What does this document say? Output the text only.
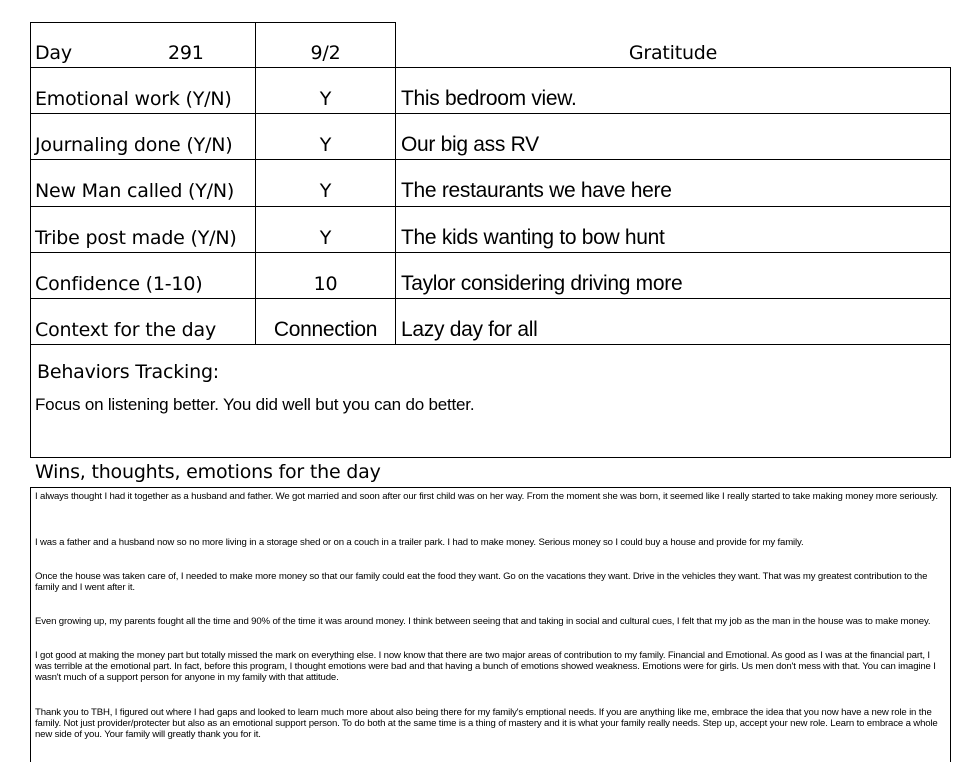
Day	291	9/2	Gratitude
Emotional work (Y/N)	Y	This bedroom view.
Journaling done (Y/N)	Y	Our big ass RV
New Man called (Y/N)	Y	The restaurants we have here
Tribe post made (Y/N)	Y	The kids wanting to bow hunt
Confidence (1-10)	10	Taylor considering driving more
Context for the day	Connection	Lazy day for all
Behaviors Tracking:
Focus on listening better. You did well but you can do better.
Wins, thoughts, emotions for the day
I always thought I had it together as a husband and father. We got married and soon after our first child was on her way. From the moment she was born, it seemed like I really started to take making money more seriously.
I was a father and a husband now so no more living in a storage shed or on a couch in a trailer park. I had to make money. Serious money so I could buy a house and provide for my family.
Once the house was taken care of, I needed to make more money so that our family could eat the food they want. Go on the vacations they want. Drive in the vehicles they want. That was my greatest contribution to the family and I went after it.
Even growing up, my parents fought all the time and 90% of the time it was around money. I think between seeing that and taking in social and cultural cues, I felt that my job as the man in the house was to make money.
I got good at making the money part but totally missed the mark on everything else. I now know that there are two major areas of contribution to my family. Financial and Emotional. As good as I was at the financial part, I was terrible at the emotional part. In fact, before this program, I thought emotions were bad and that having a bunch of emotions showed weakness. Emotions were for girls. Us men don't mess with that. You can imagine I wasn't much of a support person for anyone in my family with that attitude.
Thank you to TBH, I figured out where I had gaps and looked to learn much more about also being there for my family's emptional needs. If you are anything like me, embrace the idea that you now have a new role in the family. Not just provider/protecter but also as an emotional support person. To do both at the same time is a thing of mastery and it is what your family really needs. Step up, accept your new role. Learn to embrace a whole new side of you. Your family will greatly thank you for it.
